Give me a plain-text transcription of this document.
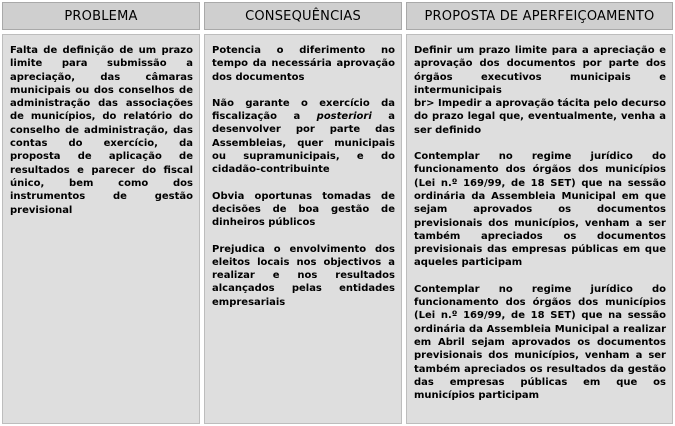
PROBLEMA	CONSEQUÊNCIAS	PROPOSTA DE APERFEIÇOAMENTO

Falta de definição de um prazo limite para submissão a apreciação, das câmaras municipais ou dos conselhos de administração das associações de municípios, do relatório do conselho de administração, das contas do exercício, da proposta de aplicação de resultados e parecer do fiscal único, bem como dos instrumentos de gestão previsional

Potencia o diferimento no tempo da necessária aprovação dos documentos

Não garante o exercício da fiscalização a posteriori a desenvolver por parte das Assembleias, quer municipais ou supramunicipais, e do cidadão-contribuinte

Obvia oportunas tomadas de decisões de boa gestão de dinheiros públicos

Prejudica o envolvimento dos eleitos locais nos objectivos a realizar e nos resultados alcançados pelas entidades empresariais

Definir um prazo limite para a apreciação e aprovação dos documentos por parte dos órgãos executivos municipais e intermunicipais

br> Impedir a aprovação tácita pelo decurso do prazo legal que, eventualmente, venha a ser definido

Contemplar no regime jurídico do funcionamento dos órgãos dos municípios (Lei n.º 169/99, de 18 SET) que na sessão ordinária da Assembleia Municipal em que sejam aprovados os documentos previsionais dos municípios, venham a ser também apreciados os documentos previsionais das empresas públicas em que aqueles participam

Contemplar no regime jurídico do funcionamento dos órgãos dos municípios (Lei n.º 169/99, de 18 SET) que na sessão ordinária da Assembleia Municipal a realizar em Abril sejam aprovados os documentos previsionais dos municípios, venham a ser também apreciados os resultados da gestão das empresas públicas em que os municípios participam
